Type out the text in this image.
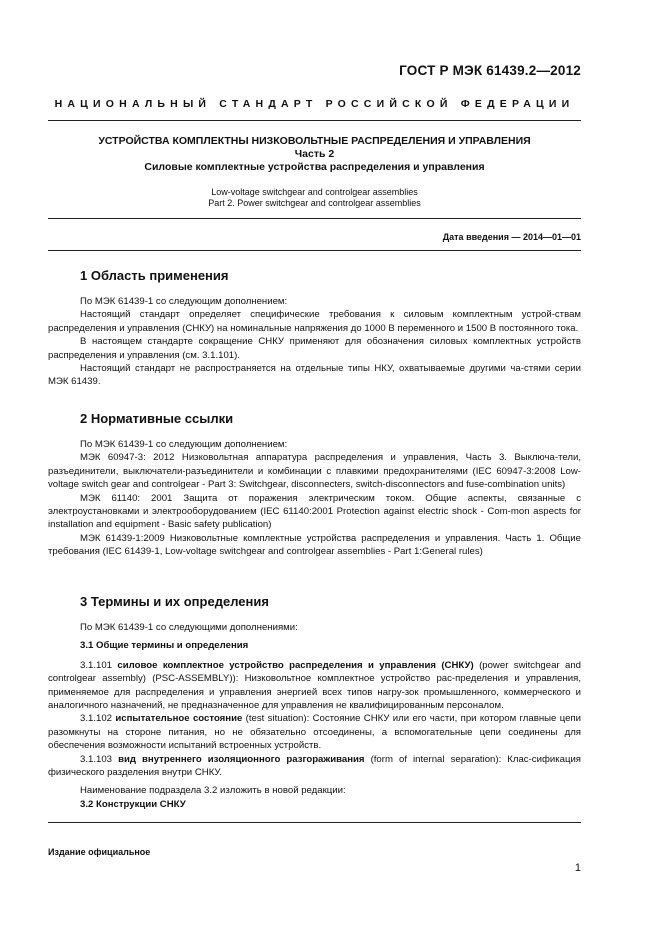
ГОСТ Р МЭК 61439.2—2012
НАЦИОНАЛЬНЫЙ СТАНДАРТ РОССИЙСКОЙ ФЕДЕРАЦИИ
УСТРОЙСТВА КОМПЛЕКТНЫ НИЗКОВОЛЬТНЫЕ РАСПРЕДЕЛЕНИЯ И УПРАВЛЕНИЯ
Часть 2
Силовые комплектные устройства распределения и управления
Low-voltage switchgear and controlgear assemblies
Part 2. Power switchgear and controlgear assemblies
Дата введения — 2014—01—01
1 Область применения

По МЭК 61439-1 со следующим дополнением:

Настоящий стандарт определяет специфические требования к силовым комплектным устрой-ствам распределения и управления (СНКУ) на номинальные напряжения до 1000 В переменного и 1500 В постоянного тока.

В настоящем стандарте сокращение СНКУ применяют для обозначения силовых комплектных устройств распределения и управления (см. 3.1.101).

Настоящий стандарт не распространяется на отдельные типы НКУ, охватываемые другими ча-стями серии МЭК 61439.

2 Нормативные ссылки

По МЭК 61439-1 со следующим дополнением:

МЭК 60947-3: 2012 Низковольтная аппаратура распределения и управления, Часть 3. Выключа-тели, разъединители, выключатели-разъединители и комбинации с плавкими предохранителями (IEC 60947-3:2008 Low-voltage switch gear and controlgear - Part 3: Switchgear, disconnecters, switch-disconnectors and fuse-combination units)

МЭК 61140: 2001 Защита от поражения электрическим током. Общие аспекты, связанные с электроустановками и электрооборудованием (IEC 61140:2001 Protection against electric shock - Com-mon aspects for installation and equipment - Basic safety publication)

МЭК 61439-1:2009 Низковольтные комплектные устройства распределения и управления. Часть 1. Общие требования (IEC 61439-1, Low-voltage switchgear and controlgear assemblies - Part 1:General rules)

3 Термины и их определения

По МЭК 61439-1 со следующими дополнениями:

3.1 Общие термины и определения

3.1.101 силовое комплектное устройство распределения и управления (СНКУ) (power switchgear and controlgear assembly) (PSC-ASSEMBLY)): Низковольтное комплектное устройство рас-пределения и управления, применяемое для распределения и управления энергией всех типов нагру-зок промышленного, коммерческого и аналогичного назначений, не предназначенное для управления не квалифицированным персоналом.

3.1.102 испытательное состояние (test situation): Состояние СНКУ или его части, при котором главные цепи разомкнуты на стороне питания, но не обязательно отсоединены, а вспомогательные цепи соединены для обеспечения возможности испытаний встроенных устройств.

3.1.103 вид внутреннего изоляционного разгораживания (form of internal separation): Клас-сификация физического разделения внутри СНКУ.

Наименование подраздела 3.2 изложить в новой редакции:

3.2 Конструкции СНКУ

Издание официальное
1
